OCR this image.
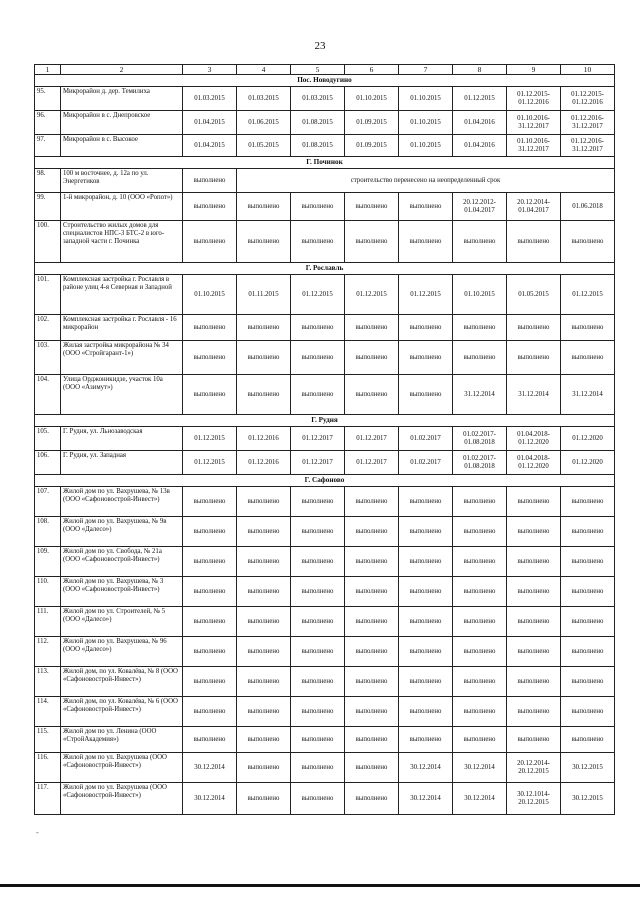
23
1	2	3	4	5	6	7	8	9	10
Пос. Новодугино									
95.	Микрорайон д. дер. Темилиха	01.03.2015	01.03.2015	01.03.2015	01.10.2015	01.10.2015	01.12.2015	01.12.2015-01.12.2016	01.12.2015-01.12.2016
96.	Микрорайон в с. Днепровское	01.04.2015	01.06.2015	01.08.2015	01.09.2015	01.10.2015	01.04.2016	01.10.2016-31.12.2017	01.12.2016-31.12.2017
97.	Микрорайон в с. Высокое	01.04.2015	01.05.2015	01.08.2015	01.09.2015	01.10.2015	01.04.2016	01.10.2016-31.12.2017	01.12.2016-31.12.2017
Г. Починок									
98.	100 м восточнее, д. 12а по ул. Энергетиков	выполнено	строительство перенесено на неопределенный срок						
99.	1-й микрорайон, д. 10 (ООО «Ропот»)	выполнено	выполнено	выполнено	выполнено	выполнено	20.12.2012-01.04.2017	20.12.2014-01.04.2017	01.06.2018
100.	Строительство жилых домов для специалистов НПС-3 БТС-2 в юго-западной части г. Починка	выполнено	выполнено	выполнено	выполнено	выполнено	выполнено	выполнено	выполнено
Г. Рославль									
101.	Комплексная застройка г. Рославля в районе улиц 4-я Северная и Западной	01.10.2015	01.11.2015	01.12.2015	01.12.2015	01.12.2015	01.10.2015	01.05.2015	01.12.2015
102.	Комплексная застройка г. Рославля - 16 микрорайон	выполнено	выполнено	выполнено	выполнено	выполнено	выполнено	выполнено	выполнено
103.	Жилая застройка микрорайона № 34 (ООО «Стройгарант-1»)	выполнено	выполнено	выполнено	выполнено	выполнено	выполнено	выполнено	выполнено
104.	Улица Орджоникидзе, участок 10а (ООО «Азимут»)	выполнено	выполнено	выполнено	выполнено	выполнено	31.12.2014	31.12.2014	31.12.2014
Г. Рудня									
105.	Г. Рудня, ул. Льнозаводская	01.12.2015	01.12.2016	01.12.2017	01.12.2017	01.02.2017	01.02.2017-01.08.2018	01.04.2018-01.12.2020	01.12.2020
106.	Г. Рудня, ул. Западная	01.12.2015	01.12.2016	01.12.2017	01.12.2017	01.02.2017	01.02.2017-01.08.2018	01.04.2018-01.12.2020	01.12.2020
Г. Сафоново									
107.	Жилой дом по ул. Вахрушева, № 13в (ООО «Сафоновострой-Инвест»)	выполнено	выполнено	выполнено	выполнено	выполнено	выполнено	выполнено	выполнено
108.	Жилой дом по ул. Вахрушева, № 9в (ООО «Далесо»)	выполнено	выполнено	выполнено	выполнено	выполнено	выполнено	выполнено	выполнено
109.	Жилой дом по ул. Свобода, № 21а (ООО «Сафоновострой-Инвест»)	выполнено	выполнено	выполнено	выполнено	выполнено	выполнено	выполнено	выполнено
110.	Жилой дом по ул. Вахрушева, № 3 (ООО «Сафоновострой-Инвест»)	выполнено	выполнено	выполнено	выполнено	выполнено	выполнено	выполнено	выполнено
111.	Жилой дом по ул. Строителей, № 5 (ООО «Далесо»)	выполнено	выполнено	выполнено	выполнено	выполнено	выполнено	выполнено	выполнено
112.	Жилой дом по ул. Вахрушева, № 96 (ООО «Далесо»)	выполнено	выполнено	выполнено	выполнено	выполнено	выполнено	выполнено	выполнено
113.	Жилой дом, по ул. Ковалёва, № 8 (ООО «Сафоновострой-Инвест»)	выполнено	выполнено	выполнено	выполнено	выполнено	выполнено	выполнено	выполнено
114.	Жилой дом, по ул. Ковалёва, № 6 (ООО «Сафоновострой-Инвест»)	выполнено	выполнено	выполнено	выполнено	выполнено	выполнено	выполнено	выполнено
115.	Жилой дом по ул. Ленина (ООО «СтройАкадемия»)	выполнено	выполнено	выполнено	выполнено	выполнено	выполнено	выполнено	выполнено
116.	Жилой дом по ул. Вахрушева (ООО «Сафоновострой-Инвест»)	30.12.2014	выполнено	выполнено	выполнено	30.12.2014	30.12.2014	20.12.2014-20.12.2015	30.12.2015
117.	Жилой дом по ул. Вахрушева (ООО «Сафоновострой-Инвест»)	30.12.2014	выполнено	выполнено	выполнено	30.12.2014	30.12.2014	30.12.1014-20.12.2015	30.12.2015
-
